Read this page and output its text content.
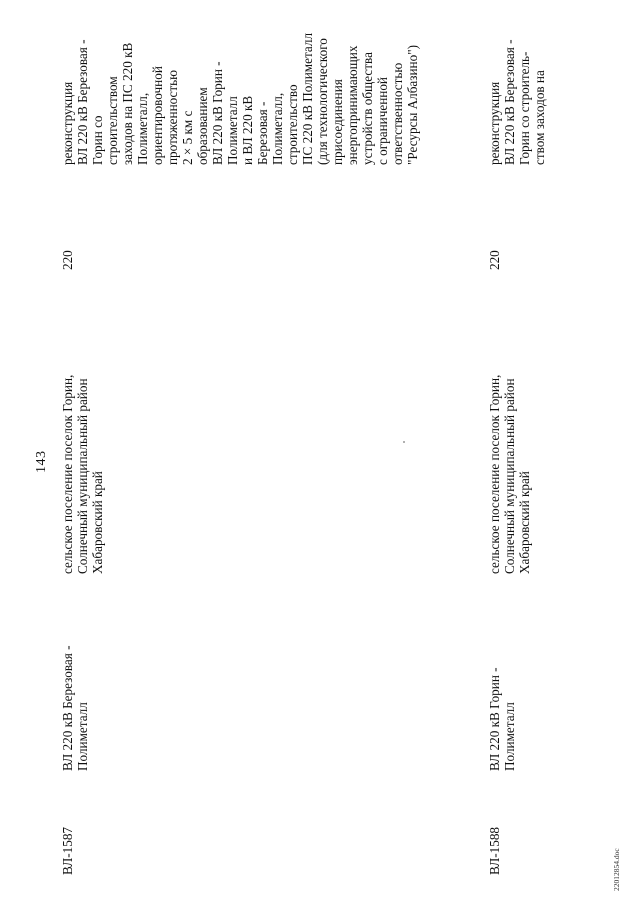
143
ВЛ-1587
ВЛ 220 кВ Березовая -
Полиметалл
сельское поселение поселок Горин,
Солнечный муниципальный район
Хабаровский край
220
реконструкция
ВЛ 220 кВ Березовая -
Горин со
строительством
заходов на ПС 220 кВ
Полиметалл,
ориентировочной
протяженностью
2 × 5 км с
образованием
ВЛ 220 кВ Горин -
Полиметалл
и ВЛ 220 кВ
Березовая -
Полиметалл,
строительство
ПС 220 кВ Полиметалл
(для технологического
присоединения
энергопринимающих
устройств общества
с ограниченной
ответственностью
"Ресурсы Албазино")
ВЛ-1588
ВЛ 220 кВ Горин -
Полиметалл
сельское поселение поселок Горин,
Солнечный муниципальный район
Хабаровский край
220
реконструкция
ВЛ 220 кВ Березовая -
Горин со строитель-
ством заходов на
22012854.doc
